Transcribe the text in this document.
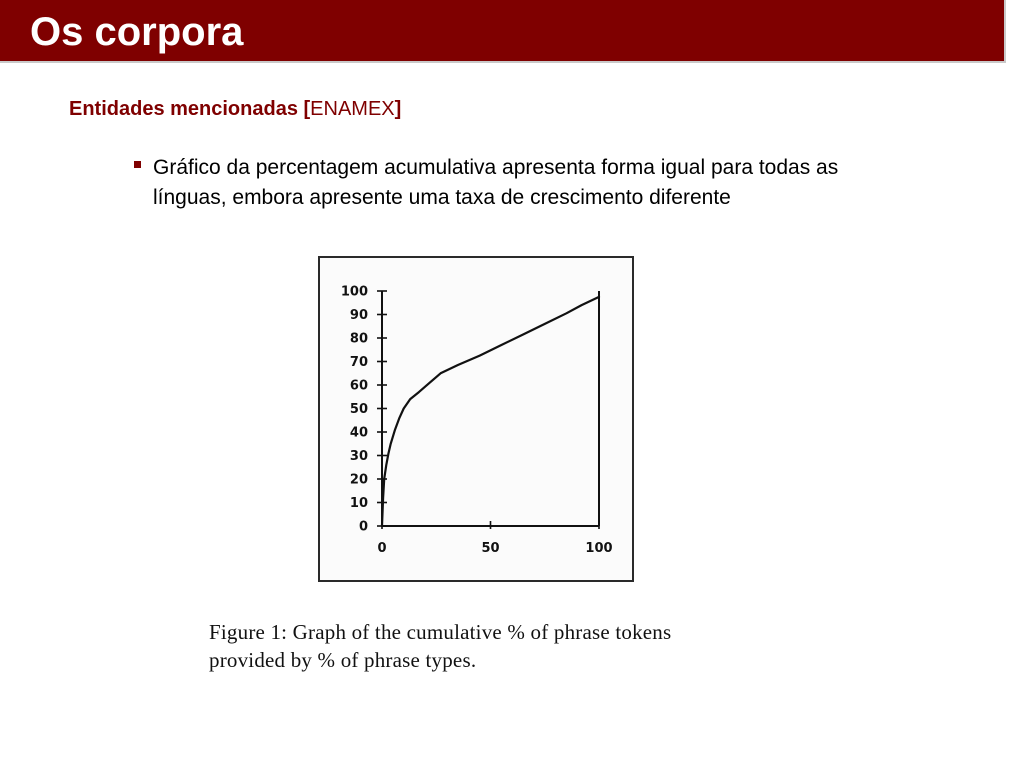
Os corpora
Entidades mencionadas [ENAMEX]
Gráfico da percentagem acumulativa apresenta forma igual para todas as línguas, embora apresente uma taxa de crescimento diferente
0
10
20
30
40
50
60
70
80
90
100
0	50	100
Figure 1: Graph of the cumulative % of phrase tokens
provided by % of phrase types.
